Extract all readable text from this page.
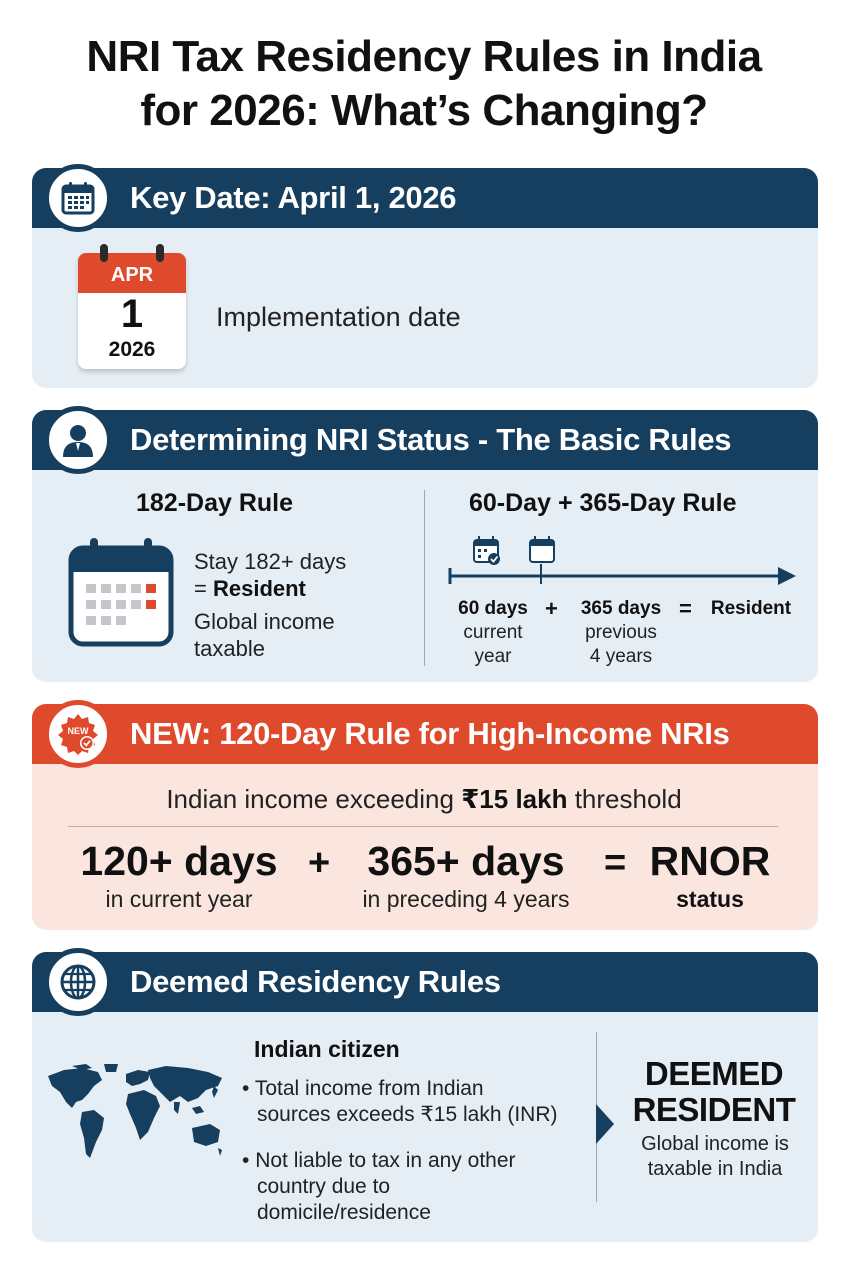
NRI Tax Residency Rules in India
for 2026: What’s Changing?
Key Date: April 1, 2026
APR
1
2026
Implementation date
Determining NRI Status - The Basic Rules
182-Day Rule
Stay 182+ days
= Resident
Global income
taxable
60-Day + 365-Day Rule
60 days
current
year
+	365 days
previous
4 years
=	Resident
NEW: 120-Day Rule for High-Income NRIs
NEW
Indian income exceeding ₹15 lakh threshold
120+ days
in current year
+ 365+ days
in preceding 4 years
= RNOR
status
Deemed Residency Rules
Indian citizen
• Total income from Indian
sources exceeds ₹15 lakh (INR)
• Not liable to tax in any other
country due to
domicile/residence
DEEMED
RESIDENT
Global income is
taxable in India
